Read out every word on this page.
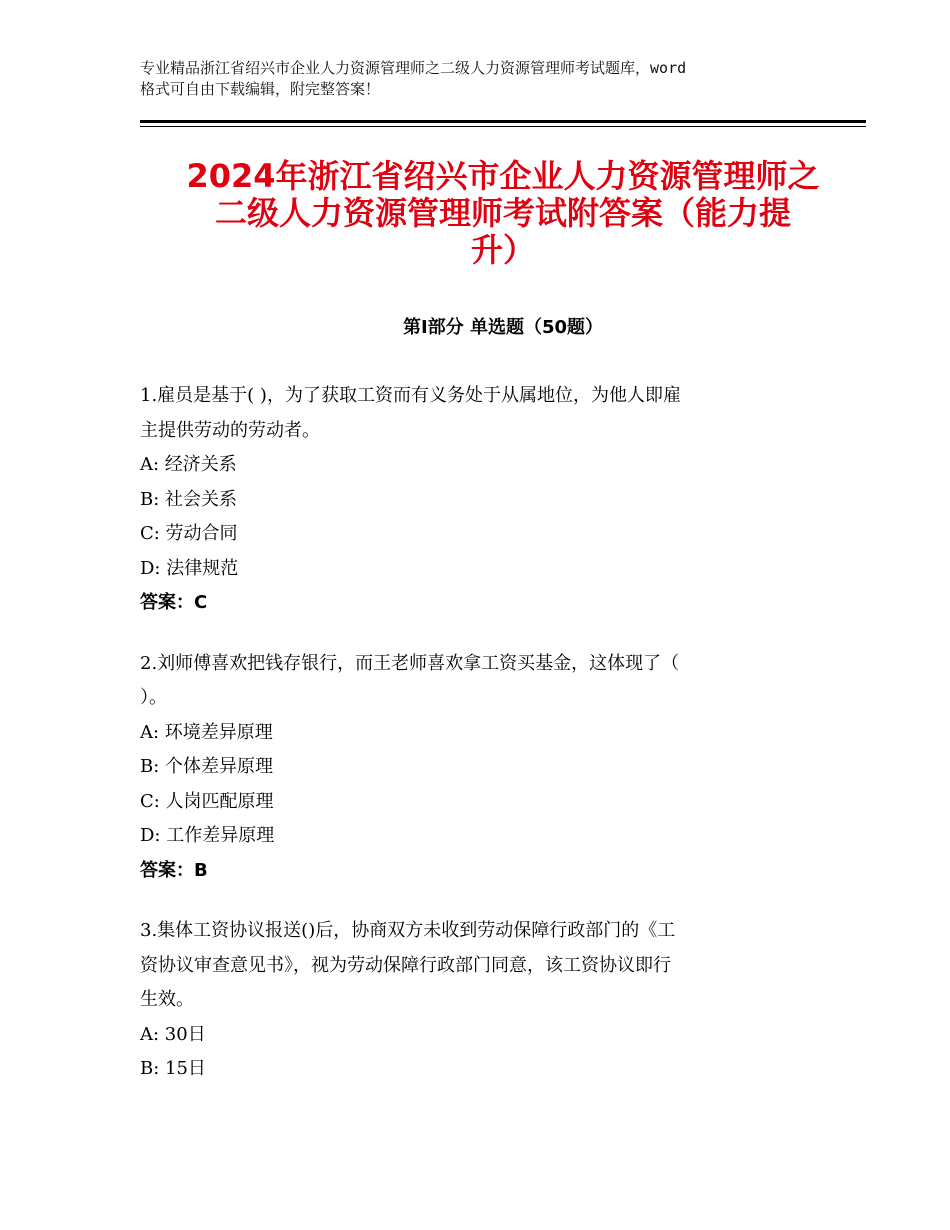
专业精品浙江省绍兴市企业人力资源管理师之二级人力资源管理师考试题库，word
格式可自由下载编辑，附完整答案！
2024年浙江省绍兴市企业人力资源管理师之
二级人力资源管理师考试附答案（能力提
升）
第Ⅰ部分 单选题（50题）

1.雇员是基于( )，为了获取工资而有义务处于从属地位，为他人即雇

主提供劳动的劳动者。

A: 经济关系

B: 社会关系

C: 劳动合同

D: 法律规范

答案：C

2.刘师傅喜欢把钱存银行，而王老师喜欢拿工资买基金，这体现了（

）。

A: 环境差异原理

B: 个体差异原理

C: 人岗匹配原理

D: 工作差异原理

答案：B

3.集体工资协议报送()后，协商双方未收到劳动保障行政部门的《工

资协议审查意见书》，视为劳动保障行政部门同意，该工资协议即行

生效。

A: 30日

B: 15日
